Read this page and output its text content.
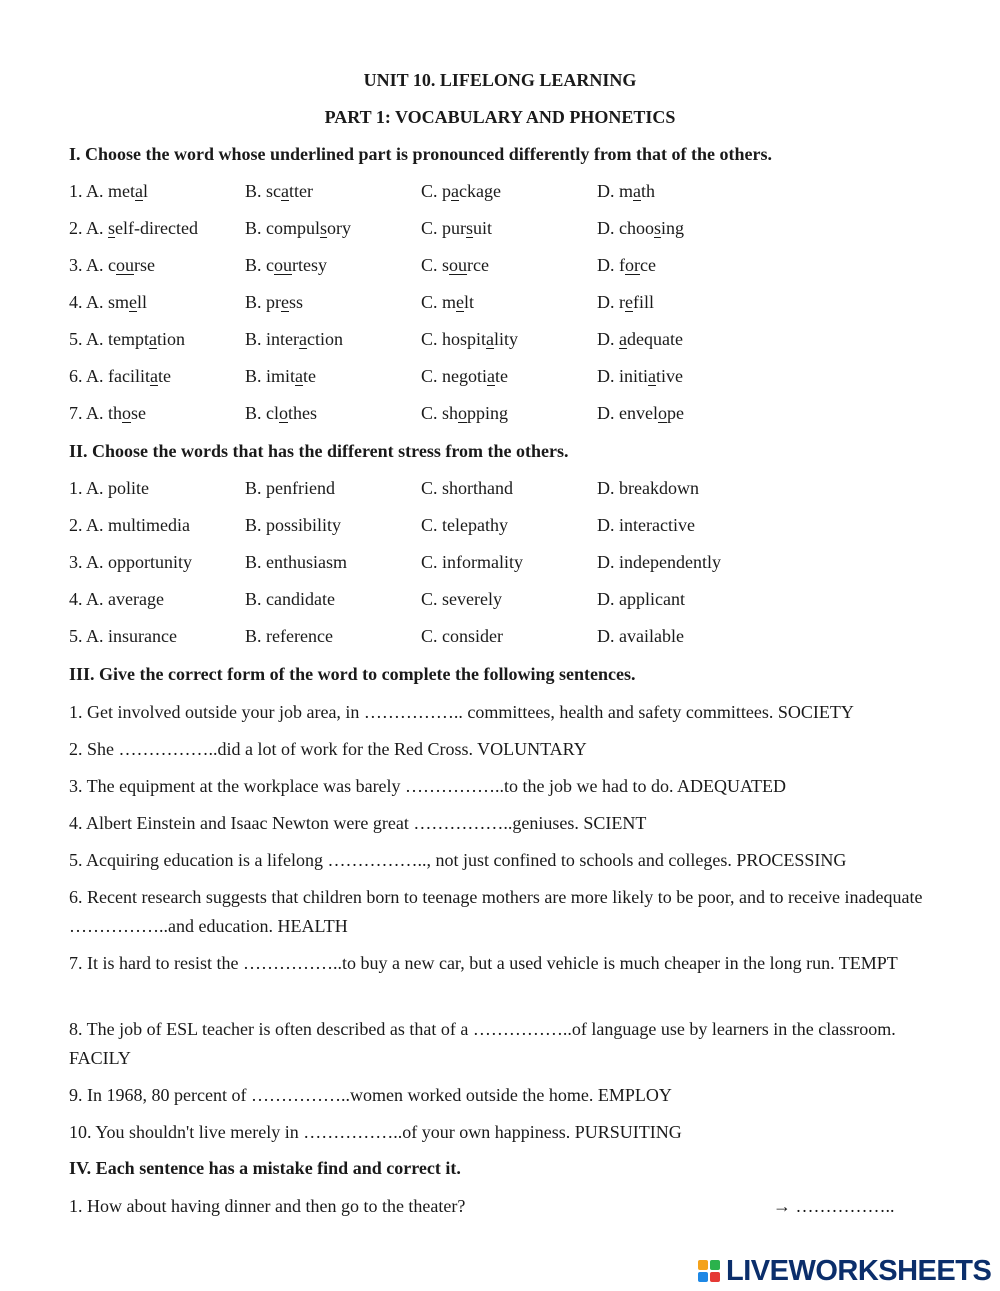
UNIT 10. LIFELONG LEARNING
PART 1: VOCABULARY AND PHONETICS
I. Choose the word whose underlined part is pronounced differently from that of the others.
1. A. metal	B. scatter	C. package	D. math
2. A. self-directed	B. compulsory	C. pursuit	D. choosing
3. A. course	B. courtesy	C. source	D. force
4. A. smell	B. press	C. melt	D. refill
5. A. temptation	B. interaction	C. hospitality	D. adequate
6. A. facilitate	B. imitate	C. negotiate	D. initiative
7. A. those	B. clothes	C. shopping	D. envelope
II. Choose the words that has the different stress from the others.
1. A. polite	B. penfriend	C. shorthand	D. breakdown
2. A. multimedia	B. possibility	C. telepathy	D. interactive
3. A. opportunity	B. enthusiasm	C. informality	D. independently
4. A. average	B. candidate	C. severely	D. applicant
5. A. insurance	B. reference	C. consider	D. available
III. Give the correct form of the word to complete the following sentences.
1. Get involved outside your job area, in …………….. committees, health and safety committees. SOCIETY
2. She ……………..did a lot of work for the Red Cross. VOLUNTARY
3. The equipment at the workplace was barely ……………..to the job we had to do. ADEQUATED
4. Albert Einstein and Isaac Newton were great ……………..geniuses. SCIENT
5. Acquiring education is a lifelong …………….., not just confined to schools and colleges. PROCESSING
6. Recent research suggests that children born to teenage mothers are more likely to be poor, and to receive inadequate ……………..and education. HEALTH
7. It is hard to resist the ……………..to buy a new car, but a used vehicle is much cheaper in the long run. TEMPT
8. The job of ESL teacher is often described as that of a ……………..of language use by learners in the classroom. FACILY
9. In 1968, 80 percent of ……………..women worked outside the home. EMPLOY
10. You shouldn't live merely in ……………..of your own happiness. PURSUITING
IV. Each sentence has a mistake find and correct it.
1. How about having dinner and then go to the theater?	→ ……………..
LIVEWORKSHEETS
